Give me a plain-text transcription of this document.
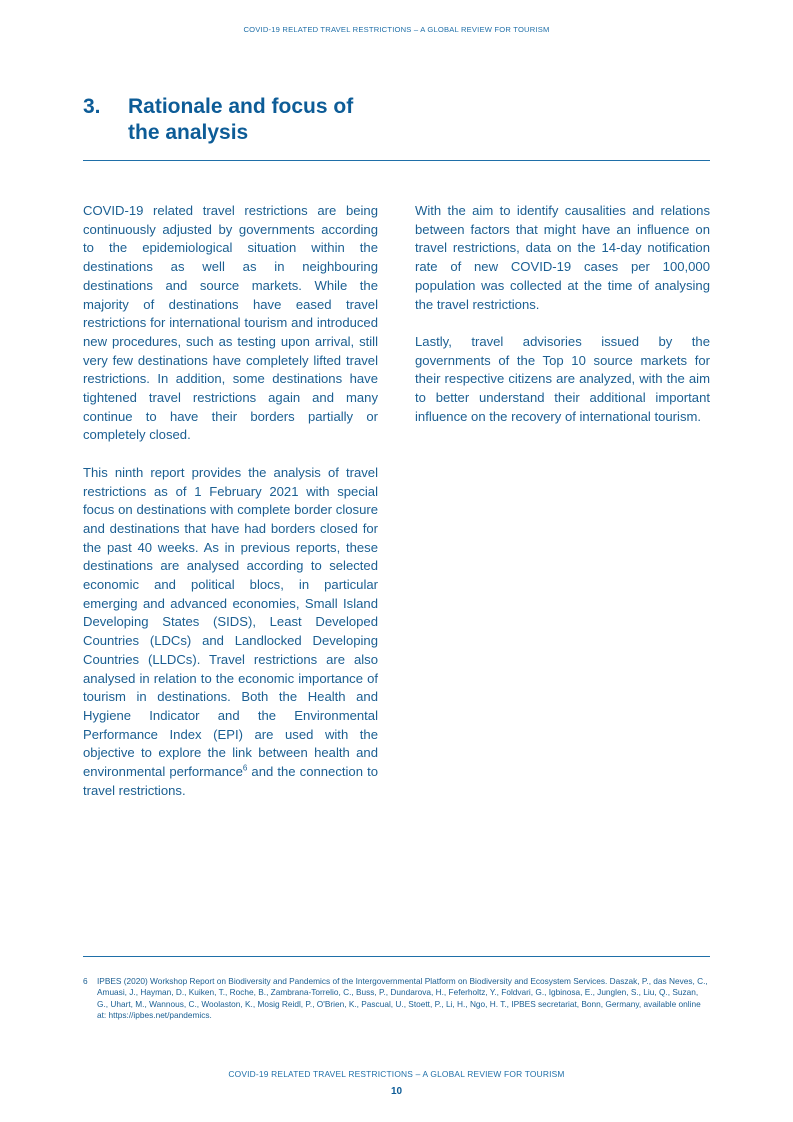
COVID-19 RELATED TRAVEL RESTRICTIONS – A GLOBAL REVIEW FOR TOURISM
3.	Rationale and focus of
the analysis

COVID-19 related travel restrictions are being continuously adjusted by governments according to the epidemiological situation within the destinations as well as in neighbouring destinations and source markets. While the majority of destinations have eased travel restrictions for international tourism and introduced new procedures, such as testing upon arrival, still very few destinations have completely lifted travel restrictions. In addition, some destinations have tightened travel restrictions again and many continue to have their borders partially or completely closed.

This ninth report provides the analysis of travel restrictions as of 1 February 2021 with special focus on destinations with complete border closure and destinations that have had borders closed for the past 40 weeks. As in previous reports, these destinations are analysed according to selected economic and political blocs, in particular emerging and advanced economies, Small Island Developing States (SIDS), Least Developed Countries (LDCs) and Landlocked Developing Countries (LLDCs). Travel restrictions are also analysed in relation to the economic importance of tourism in destinations. Both the Health and Hygiene Indicator and the Environmental Performance Index (EPI) are used with the objective to explore the link between health and environmental performance$^6$ and the connection to travel restrictions.

With the aim to identify causalities and relations between factors that might have an influence on travel restrictions, data on the 14-day notification rate of new COVID-19 cases per 100,000 population was collected at the time of analysing the travel restrictions.

Lastly, travel advisories issued by the governments of the Top 10 source markets for their respective citizens are analyzed, with the aim to better understand their additional important influence on the recovery of international tourism.

6	IPBES (2020) Workshop Report on Biodiversity and Pandemics of the Intergovernmental Platform on Biodiversity and Ecosystem Services. Daszak, P., das Neves, C., Amuasi, J., Hayman, D., Kuiken, T., Roche, B., Zambrana-Torrelio, C., Buss, P., Dundarova, H., Feferholtz, Y., Foldvari, G., Igbinosa, E., Junglen, S., Liu, Q., Suzan, G., Uhart, M., Wannous, C., Woolaston, K., Mosig Reidl, P., O'Brien, K., Pascual, U., Stoett, P., Li, H., Ngo, H. T., IPBES secretariat, Bonn, Germany, available online at: https://ipbes.net/pandemics.
COVID-19 RELATED TRAVEL RESTRICTIONS – A GLOBAL REVIEW FOR TOURISM
10
